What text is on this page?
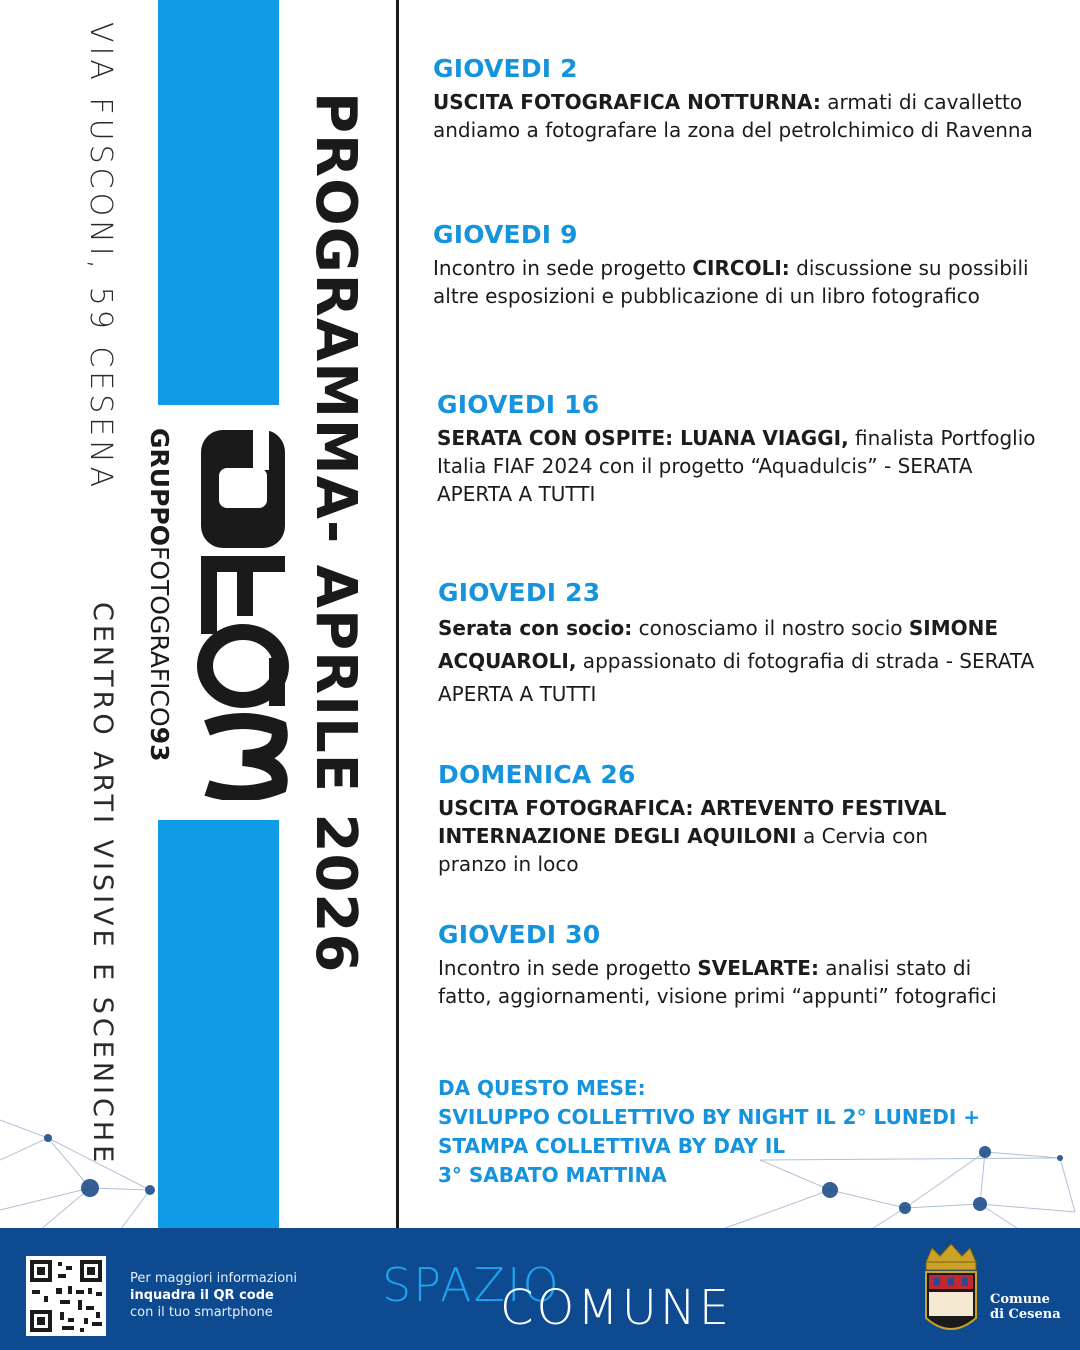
VIA FUSCONI, 59 CESENA
CENTRO ARTI VISIVE E SCENICHE
GRUPPOFOTOGRAFICO93 PROGRAMMA- APRILE 2026
GIOVEDI 2
USCITA FOTOGRAFICA NOTTURNA: armati di cavalletto andiamo a fotografare la zona del petrolchimico di Ravenna
GIOVEDI 9
Incontro in sede progetto CIRCOLI: discussione su possibili altre esposizioni e pubblicazione di un libro fotografico
GIOVEDI 16
SERATA CON OSPITE: LUANA VIAGGI, finalista Portfoglio Italia FIAF 2024 con il progetto “Aquadulcis” - SERATA APERTA A TUTTI
GIOVEDI 23
Serata con socio: conosciamo il nostro socio SIMONE ACQUAROLI, appassionato di fotografia di strada - SERATA APERTA A TUTTI
DOMENICA 26
USCITA FOTOGRAFICA: ARTEVENTO FESTIVAL INTERNAZIONE DEGLI AQUILONI a Cervia con pranzo in loco
GIOVEDI 30
Incontro in sede progetto SVELARTE: analisi stato di fatto, aggiornamenti, visione primi “appunti” fotografici
DA QUESTO MESE:
SVILUPPO COLLETTIVO BY NIGHT IL 2° LUNEDI +
STAMPA COLLETTIVA BY DAY IL
3° SABATO MATTINA
Per maggiori informazioni
inquadra il QR code
con il tuo smartphone
SPAZIO
COMUNE	Comune
di Cesena
